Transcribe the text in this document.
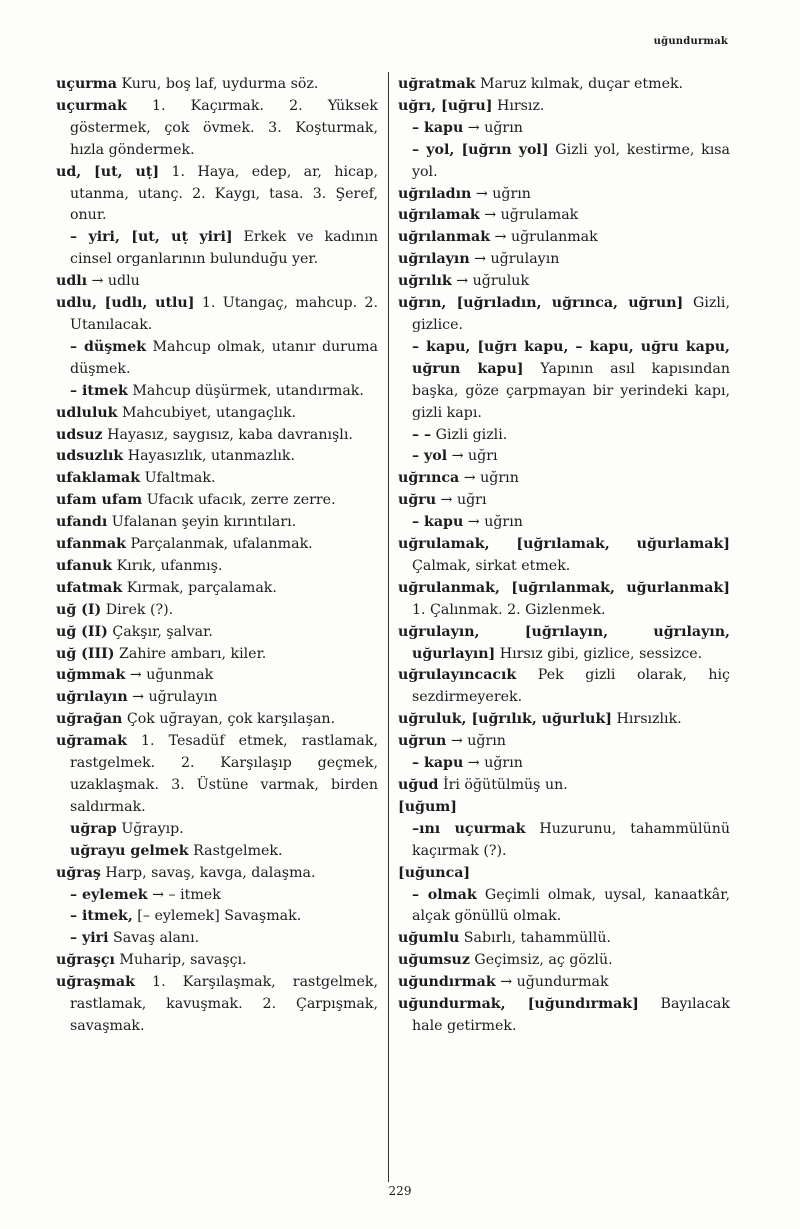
uğundurmak

uçurma Kuru, boş laf, uydurma söz.

uçurmak 1. Kaçırmak. 2. Yüksek göstermek, çok övmek. 3. Koşturmak, hızla göndermek.

ud, [ut, uṭ] 1. Haya, edep, ar, hicap, utanma, utanç. 2. Kaygı, tasa. 3. Şeref, onur.

– yiri, [ut, uṭ yiri] Erkek ve kadının cinsel organlarının bulunduğu yer.

udlı → udlu

udlu, [udlı, utlu] 1. Utangaç, mahcup. 2. Utanılacak.

– düşmek Mahcup olmak, utanır duruma düşmek.

– itmek Mahcup düşürmek, utandırmak.

udluluk Mahcubiyet, utangaçlık.

udsuz Hayasız, saygısız, kaba davranışlı.

udsuzlık Hayasızlık, utanmazlık.

ufaklamak Ufaltmak.

ufam ufam Ufacık ufacık, zerre zerre.

ufandı Ufalanan şeyin kırıntıları.

ufanmak Parçalanmak, ufalanmak.

ufanuk Kırık, ufanmış.

ufatmak Kırmak, parçalamak.

uğ (I) Direk (?).

uğ (II) Çakşır, şalvar.

uğ (III) Zahire ambarı, kiler.

uğmmak → uğunmak

uğrılayın → uğrulayın

uğrağan Çok uğrayan, çok karşılaşan.

uğramak 1. Tesadüf etmek, rastlamak, rastgelmek. 2. Karşılaşıp geçmek, uzaklaşmak. 3. Üstüne varmak, birden saldırmak.

uğrap Uğrayıp.

uğrayu gelmek Rastgelmek.

uğraş Harp, savaş, kavga, dalaşma.

– eylemek → – itmek

– itmek, [– eylemek] Savaşmak.

– yiri Savaş alanı.

uğraşçı Muharip, savaşçı.

uğraşmak 1. Karşılaşmak, rastgelmek, rastlamak, kavuşmak. 2. Çarpışmak, savaşmak.

uğratmak Maruz kılmak, duçar etmek.

uğrı, [uğru] Hırsız.

– kapu → uğrın

– yol, [uğrın yol] Gizli yol, kestirme, kısa yol.

uğrıladın → uğrın

uğrılamak → uğrulamak

uğrılanmak → uğrulanmak

uğrılayın → uğrulayın

uğrılık → uğruluk

uğrın, [uğrıladın, uğrınca, uğrun] Gizli, gizlice.

– kapu, [uğrı kapu, – kapu, uğru kapu, uğrun kapu] Yapının asıl kapısından başka, göze çarpmayan bir yerindeki kapı, gizli kapı.

– – Gizli gizli.

– yol → uğrı

uğrınca → uğrın

uğru → uğrı

– kapu → uğrın

uğrulamak, [uğrılamak, uğurlamak] Çalmak, sirkat etmek.

uğrulanmak, [uğrılanmak, uğurlanmak] 1. Çalınmak. 2. Gizlenmek.

uğrulayın, [uğrılayın, uğrılayın, uğurlayın] Hırsız gibi, gizlice, sessizce.

uğrulayıncacık Pek gizli olarak, hiç sezdirmeyerek.

uğruluk, [uğrılık, uğurluk] Hırsızlık.

uğrun → uğrın

– kapu → uğrın

uğud İri öğütülmüş un.

[uğum]

–ını uçurmak Huzurunu, tahammülünü kaçırmak (?).

[uğunca]

– olmak Geçimli olmak, uysal, kanaatkâr, alçak gönüllü olmak.

uğumlu Sabırlı, tahammüllü.

uğumsuz Geçimsiz, aç gözlü.

uğundırmak → uğundurmak

uğundurmak, [uğundırmak] Bayılacak hale getirmek.

229
